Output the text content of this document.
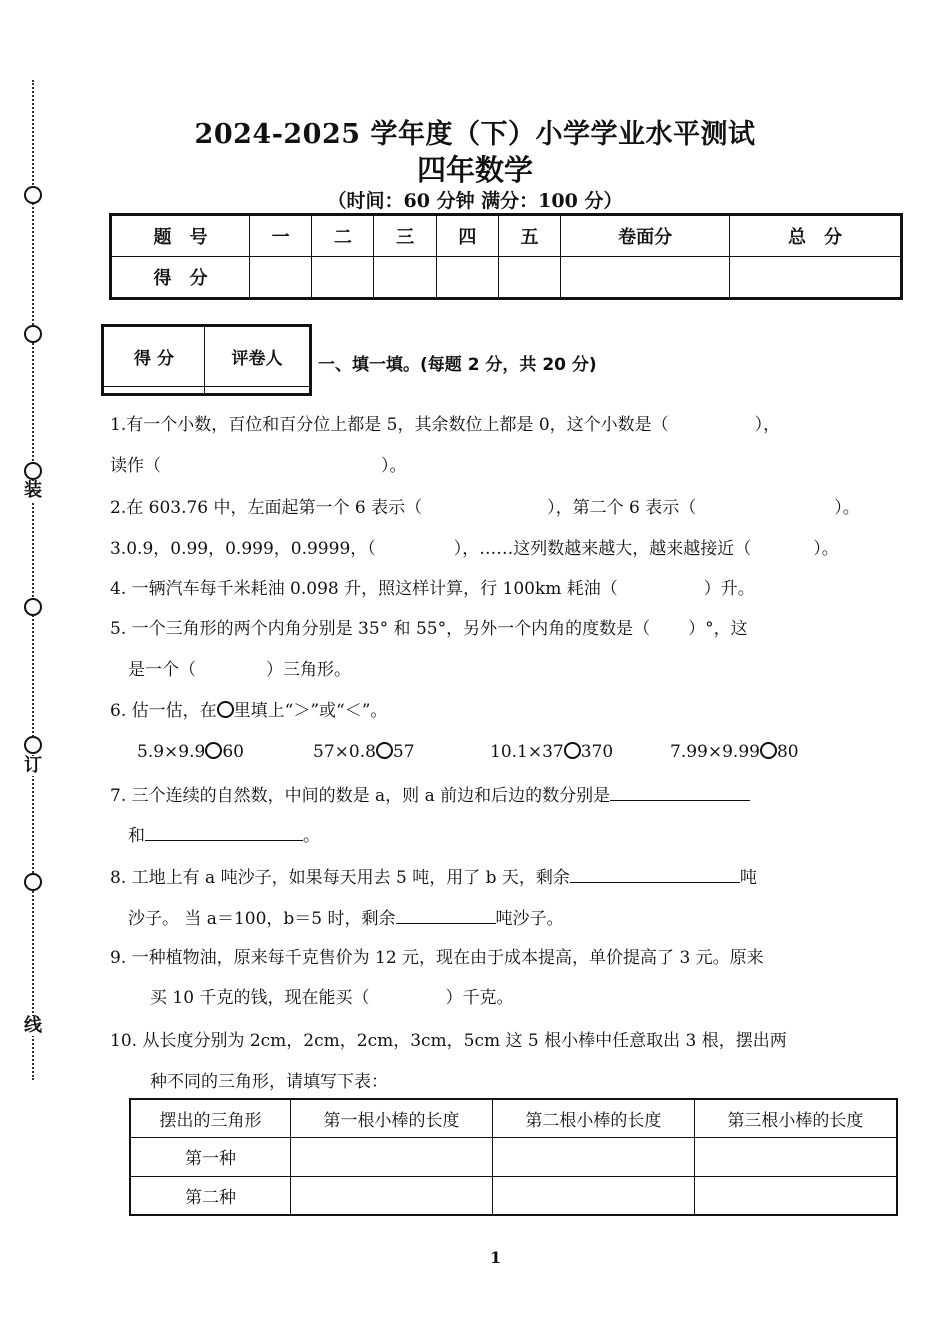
装
订
线
2024-2025 学年度（下）小学学业水平测试
四年数学
（时间：60 分钟 满分：100 分）
题　号	一	二	三	四	五	卷面分	总　分
得　分							
得 分	评卷人
	一、填一填。(每题 2 分，共 20 分)
1.有一个小数，百位和百分位上都是 5，其余数位上都是 0，这个小数是（	），
读作（	）。
2.在 603.76 中，左面起第一个 6 表示（	），第二个 6 表示（	）。
3.0.9，0.99，0.999，0.9999，（	），……这列数越来越大，越来越接近（	）。
4. 一辆汽车每千米耗油 0.098 升，照这样计算，行 100km 耗油（	）升。
5. 一个三角形的两个内角分别是 35° 和 55°，另外一个内角的度数是（ ）°，这
是一个（	）三角形。
6. 估一估，在 里填上“＞”或“＜”。
5.9×9.9 60	57×0.8 57	10.1×37 370	7.99×9.99 80
7. 三个连续的自然数，中间的数是 a，则 a 前边和后边的数分别是
和	。
8. 工地上有 a 吨沙子，如果每天用去 5 吨，用了 b 天，剩余	吨
沙子。 当 a＝100，b＝5 时，剩余	吨沙子。
9. 一种植物油，原来每千克售价为 12 元，现在由于成本提高，单价提高了 3 元。原来
买 10 千克的钱，现在能买（	）千克。
10. 从长度分别为 2cm，2cm，2cm，3cm，5cm 这 5 根小棒中任意取出 3 根，摆出两
种不同的三角形，请填写下表：
摆出的三角形	第一根小棒的长度	第二根小棒的长度	第三根小棒的长度
第一种			
第二种			
1
